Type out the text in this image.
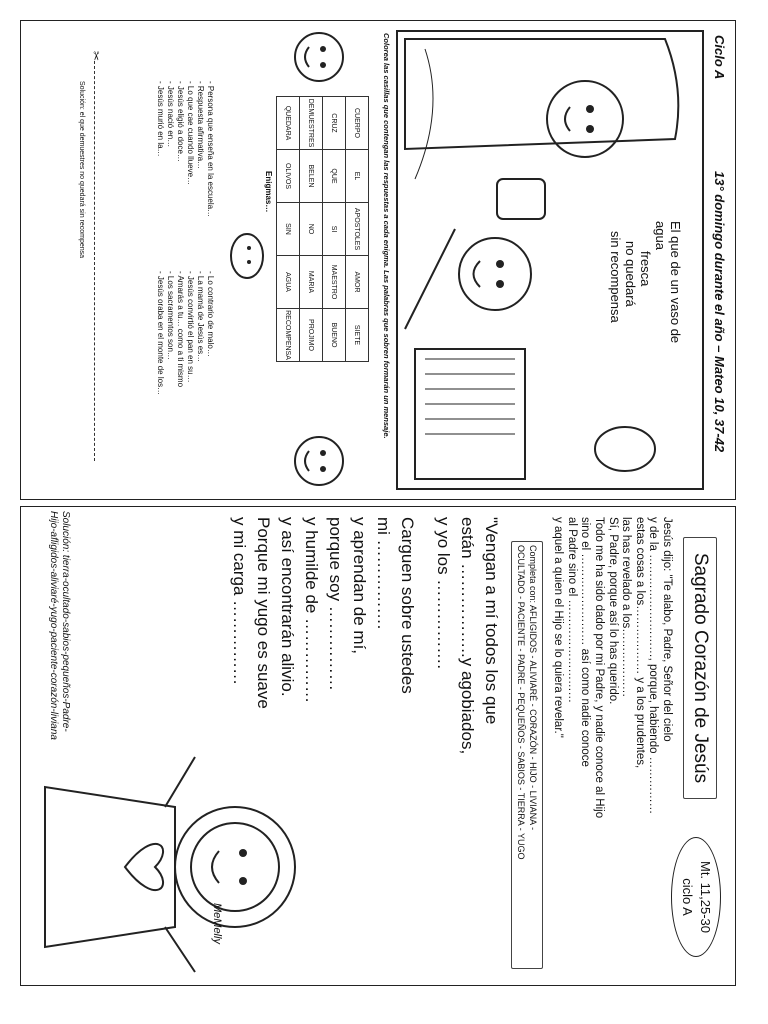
Ciclo A
13° domingo durante el año – Mateo 10, 37-42
El que de un vaso de agua
fresca
no quedará
sin recompensa
Colorea las casillas que contengan las respuestas a cada enigma. Las palabras que sobren formarán un mensaje.
CUERPO	EL	APOSTOLES	AMOR	SIETE
CRUZ	QUE	SI	MAESTRO	BUENO
DEMUESTRES	BELEN	NO	MARIA	PROJIMO
QUEDARA	OLIVOS	SIN	AGUA	RECOMPENSA
Enigmas…
- Persona que enseña en la escuela…
- Respuesta afirmativa…
- Lo que cae cuando llueve…
- Jesús eligió a doce…
- Jesús nació en…
- Jesús murió en la…
- Lo contrario de malo…
- La mamá de Jesús es…
- Jesús convirtió el pan en su…
- Amarás a tu… como a ti mismo
- Los sacramentos son…
- Jesús oraba en el monte de los…
✂
Solución: el que demuestres no quedará sin recompensa
Sagrado Corazón de Jesús
Mt. 11,25-30
ciclo A
Jesús dijo: "Te alabo, Padre, Señor del cielo
y de la ………………………, porque, habiendo ……………
estas cosas a los……………… y a los prudentes,
las has revelado a los………………
Sí, Padre, porque así lo has querido.
Todo me ha sido dado por mi Padre, y nadie conoce al Hijo
sino el …………………… así como nadie conoce
al Padre sino el ………………………
y aquel a quien el Hijo se lo quiera revelar."
Completa con: AFLIGIDOS - ALIVIARÉ - CORAZÓN - HIJO - LIVIANA -
OCULTADO - PACIENTE - PADRE - PEQUEÑOS - SABIOS - TIERRA - YUGO
"Vengan a mí todos los que
están ……………..y agobiados,
y yo los …………….
Carguen sobre ustedes
mi …………….
y aprendan de mí,
porque soy ……………
y humilde de ……………
y así encontrarán alivio.
Porque mi yugo es suave
y mi carga ……………
MeMelly
Solución: tierra-ocultado-sabios-pequeños-Padre-
Hijo-afligidos-aliviaré-yugo-paciente-corazón-liviana
